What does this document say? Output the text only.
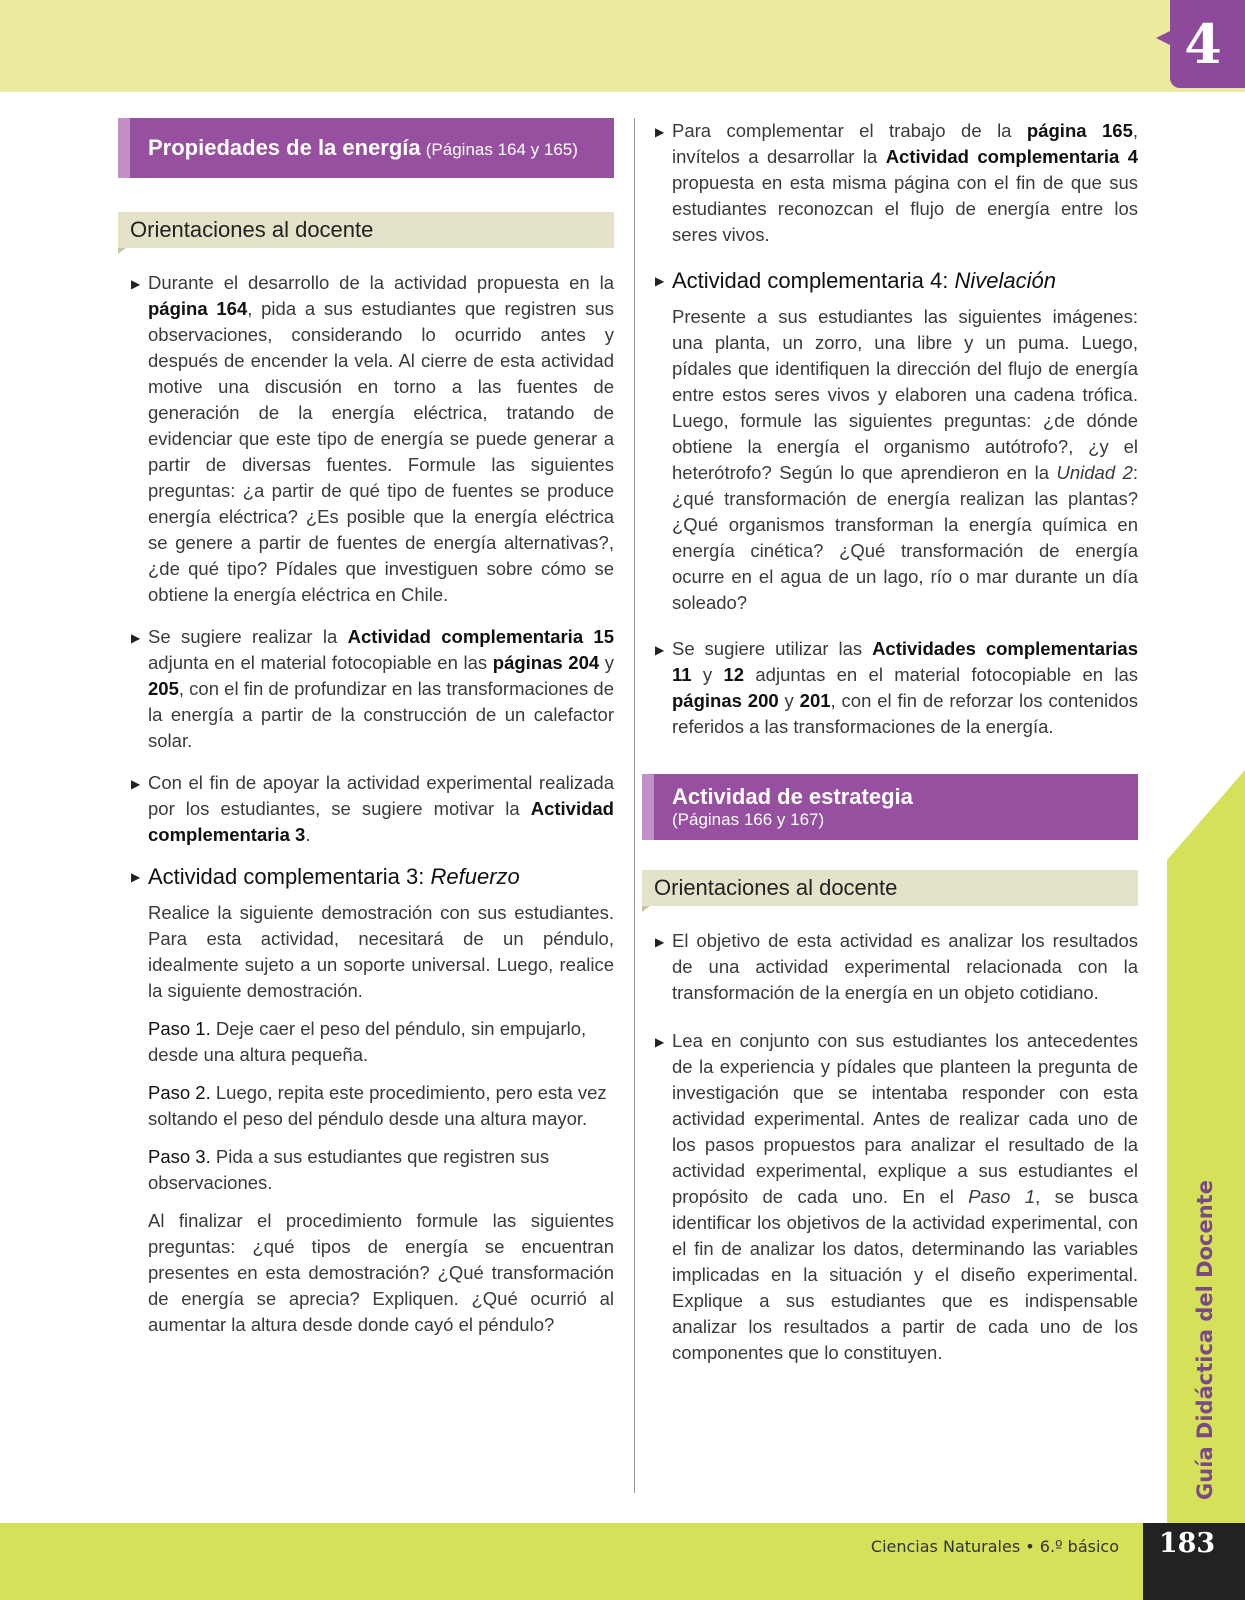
4
Guía Didáctica del Docente
Ciencias Naturales • 6.º básico	183
Propiedades de la energía (Páginas 164 y 165)
Orientaciones al docente
▶ Durante el desarrollo de la actividad propuesta en la página 164, pida a sus estudiantes que registren sus observaciones, considerando lo ocurrido antes y después de encender la vela. Al cierre de esta actividad motive una discusión en torno a las fuentes de generación de la energía eléctrica, tratando de evidenciar que este tipo de energía se puede generar a partir de diversas fuentes. Formule las siguientes preguntas: ¿a partir de qué tipo de fuentes se produce energía eléctrica? ¿Es posible que la energía eléctrica se genere a partir de fuentes de energía alternativas?, ¿de qué tipo? Pídales que investiguen sobre cómo se obtiene la energía eléctrica en Chile.
▶ Se sugiere realizar la Actividad complementaria 15 adjunta en el material fotocopiable en las páginas 204 y 205, con el fin de profundizar en las transformaciones de la energía a partir de la construcción de un calefactor solar.
▶ Con el fin de apoyar la actividad experimental realizada por los estudiantes, se sugiere motivar la Actividad complementaria 3.
▶ Actividad complementaria 3: Refuerzo

Realice la siguiente demostración con sus estudiantes. Para esta actividad, necesitará de un péndulo, idealmente sujeto a un soporte universal. Luego, realice la siguiente demostración.

Paso 1. Deje caer el peso del péndulo, sin empujarlo, desde una altura pequeña.

Paso 2. Luego, repita este procedimiento, pero esta vez soltando el peso del péndulo desde una altura mayor.

Paso 3. Pida a sus estudiantes que registren sus observaciones.

Al finalizar el procedimiento formule las siguientes preguntas: ¿qué tipos de energía se encuentran presentes en esta demostración? ¿Qué transformación de energía se aprecia? Expliquen. ¿Qué ocurrió al aumentar la altura desde donde cayó el péndulo?

▶ Para complementar el trabajo de la página 165, invítelos a desarrollar la Actividad complementaria 4 propuesta en esta misma página con el fin de que sus estudiantes reconozcan el flujo de energía entre los seres vivos.
▶ Actividad complementaria 4: Nivelación
Presente a sus estudiantes las siguientes imágenes: una planta, un zorro, una libre y un puma. Luego, pídales que identifiquen la dirección del flujo de energía entre estos seres vivos y elaboren una cadena trófica. Luego, formule las siguientes preguntas: ¿de dónde obtiene la energía el organismo autótrofo?, ¿y el heterótrofo? Según lo que aprendieron en la Unidad 2: ¿qué transformación de energía realizan las plantas? ¿Qué organismos transforman la energía química en energía cinética? ¿Qué transformación de energía ocurre en el agua de un lago, río o mar durante un día soleado?
▶ Se sugiere utilizar las Actividades complementarias 11 y 12 adjuntas en el material fotocopiable en las páginas 200 y 201, con el fin de reforzar los contenidos referidos a las transformaciones de la energía.
Actividad de estrategia
(Páginas 166 y 167)
Orientaciones al docente
▶ El objetivo de esta actividad es analizar los resultados de una actividad experimental relacionada con la transformación de la energía en un objeto cotidiano.
▶ Lea en conjunto con sus estudiantes los antecedentes de la experiencia y pídales que planteen la pregunta de investigación que se intentaba responder con esta actividad experimental. Antes de realizar cada uno de los pasos propuestos para analizar el resultado de la actividad experimental, explique a sus estudiantes el propósito de cada uno. En el Paso 1, se busca identificar los objetivos de la actividad experimental, con el fin de analizar los datos, determinando las variables implicadas en la situación y el diseño experimental. Explique a sus estudiantes que es indispensable analizar los resultados a partir de cada uno de los componentes que lo constituyen.
